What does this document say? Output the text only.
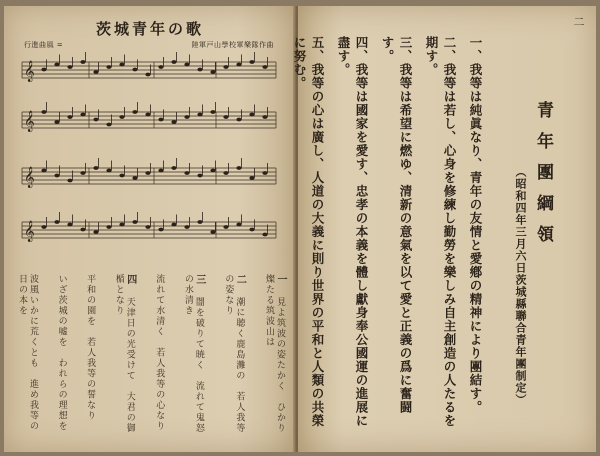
茨城青年の歌
行進曲風 =	陸軍戸山學校軍樂隊作曲
𝄞
𝄞
𝄞
𝄞
一　見よ筑波の姿たかく　ひかり燦たる筑波山は
二　潮に聴く鹿島灘の　若人我等の姿なり
三　闇を破りて暁く　流れて鬼怒の水清き
流れて水清く　若人我等の心なり
四　天津日の光受けて　大君の御楯となり
平和の園を　若人我等の誓なり
いざ茨城の嘘を　われらの理想を
波風いかに荒くとも　進め我等の日の本を
二
青年團綱領
（昭和四年三月六日茨城縣聯合青年團制定）
一、我等は純眞なり、青年の友情と愛鄕の精神により團結す。
二、我等は若し、心身を修練し勤勞を樂しみ自主創造の人たるを期す。
三、我等は希望に燃ゆ、清新の意氣を以て愛と正義の爲に奮闘す。
四、我等は國家を愛す、忠孝の本義を體し獻身奉公國運の進展に盡す。
五、我等の心は廣し、人道の大義に則り世界の平和と人類の共榮に努む。
